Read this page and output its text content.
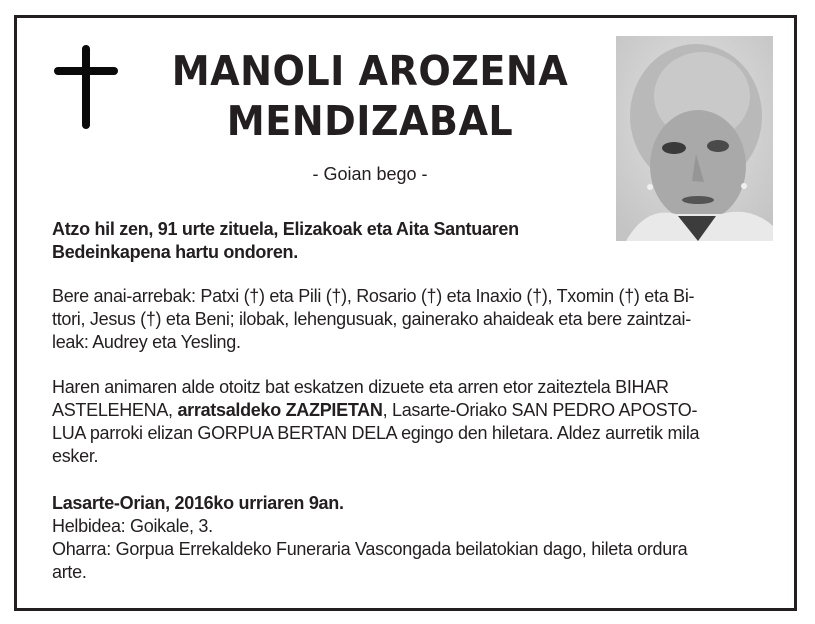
MANOLI AROZENA
MENDIZABAL
- Goian bego -
Atzo hil zen, 91 urte zituela, Elizakoak eta Aita Santuaren
Bedeinkapena hartu ondoren.
Bere anai-arrebak: Patxi (†) eta Pili (†), Rosario (†) eta Inaxio (†), Txomin (†) eta Bi-
ttori, Jesus (†) eta Beni; ilobak, lehengusuak, gainerako ahaideak eta bere zaintzai-
leak: Audrey eta Yesling.
Haren animaren alde otoitz bat eskatzen dizuete eta arren etor zaiteztela BIHAR
ASTELEHENA, arratsaldeko ZAZPIETAN, Lasarte-Oriako SAN PEDRO APOSTO-
LUA parroki elizan GORPUA BERTAN DELA egingo den hiletara. Aldez aurretik mila
esker.
Lasarte-Orian, 2016ko urriaren 9an.
Helbidea: Goikale, 3.
Oharra: Gorpua Errekaldeko Funeraria Vascongada beilatokian dago, hileta ordura
arte.
